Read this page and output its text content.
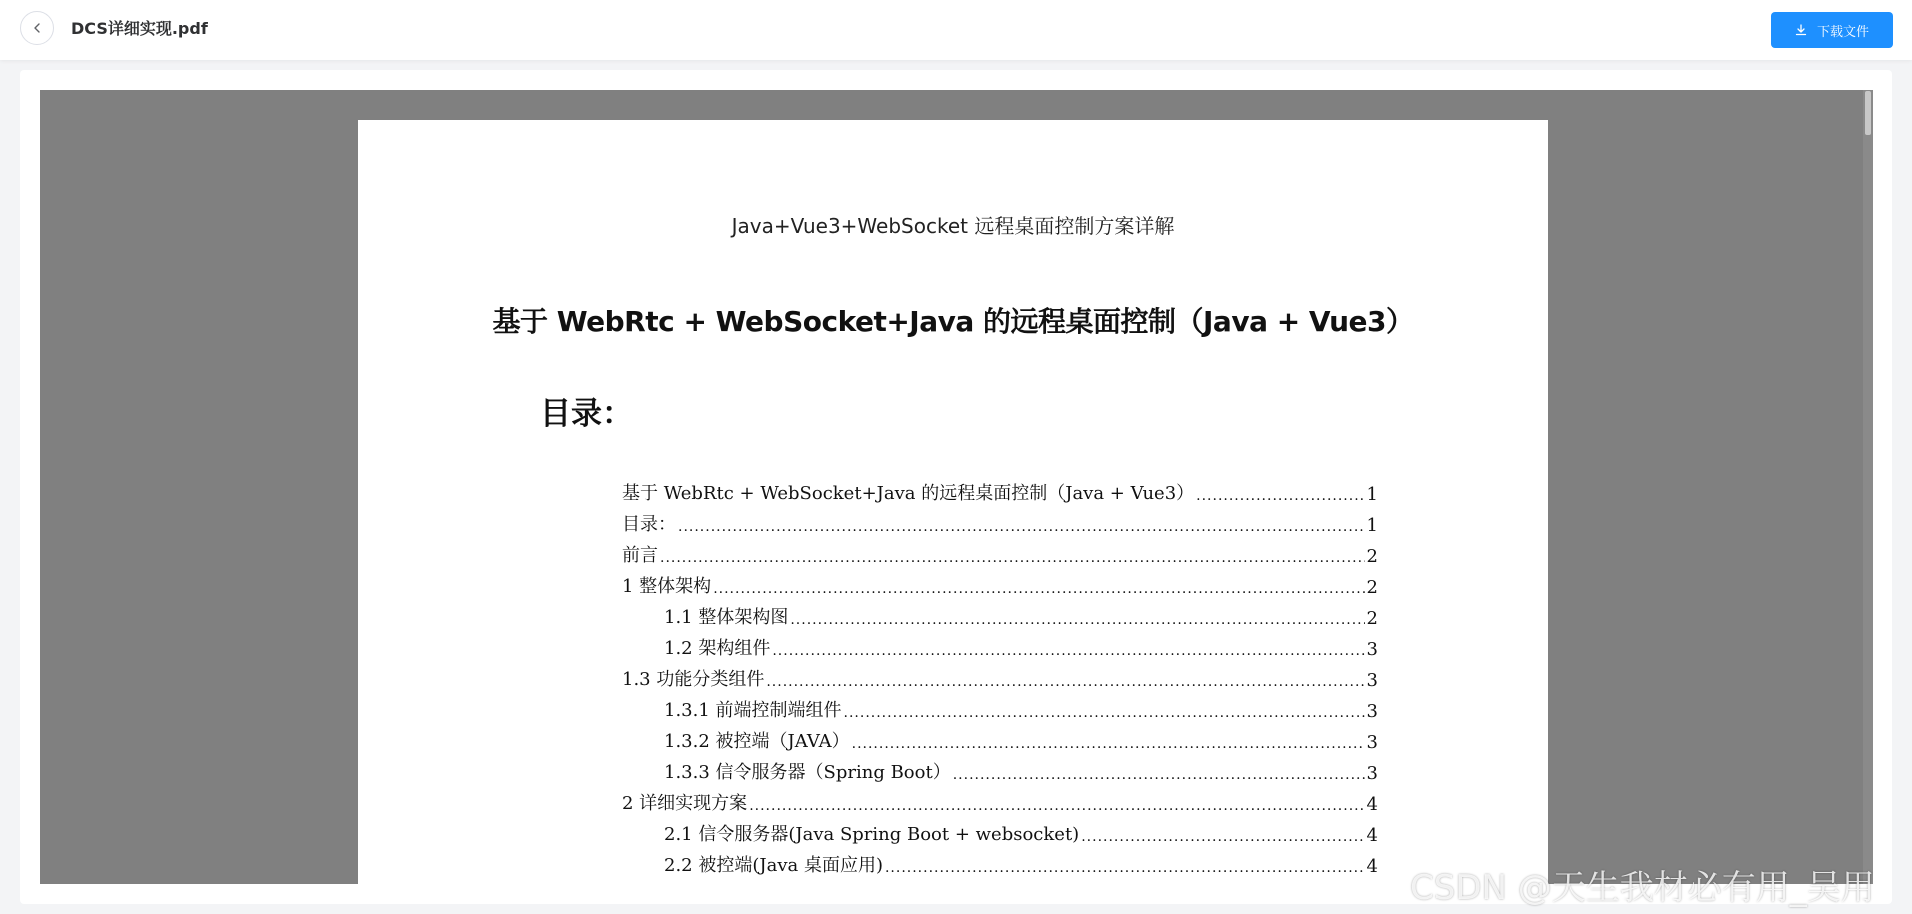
DCS详细实现.pdf	下载文件
Java+Vue3+WebSocket 远程桌面控制方案详解
基于 WebRtc + WebSocket+Java 的远程桌面控制（Java + Vue3）
目录：
基于 WebRtc + WebSocket+Java 的远程桌面控制（Java + Vue3） .....	1
目录： .....	1
前言 .....	2
1 整体架构 .....	2
1.1 整体架构图 .....	2
1.2 架构组件 .....	3
1.3 功能分类组件 .....	3
1.3.1 前端控制端组件 .....	3
1.3.2 被控端（JAVA） .....	3
1.3.3 信令服务器（Spring Boot） .....	3
2 详细实现方案 .....	4
2.1 信令服务器(Java Spring Boot + websocket) .....	4
2.2 被控端(Java 桌面应用) .....	4
CSDN @天生我材必有用_吴用
